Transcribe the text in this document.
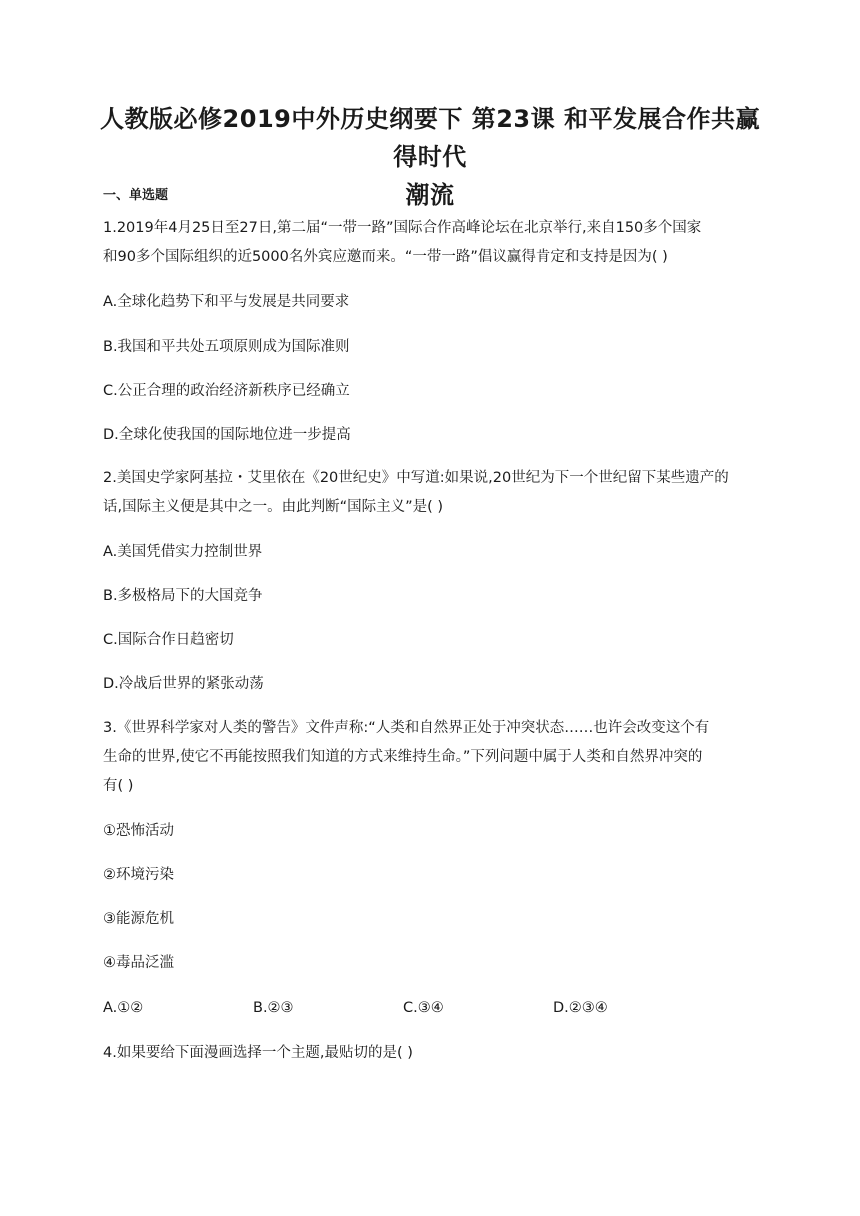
人教版必修2019中外历史纲要下 第23课 和平发展合作共赢得时代
潮流
一、单选题
1.2019年4月25日至27日,第二届“一带一路”国际合作高峰论坛在北京举行,来自150多个国家
和90多个国际组织的近5000名外宾应邀而来。“一带一路”倡议赢得肯定和支持是因为( )
A.全球化趋势下和平与发展是共同要求
B.我国和平共处五项原则成为国际准则
C.公正合理的政治经济新秩序已经确立
D.全球化使我国的国际地位进一步提高
2.美国史学家阿基拉・艾里依在《20世纪史》中写道:如果说,20世纪为下一个世纪留下某些遗产的
话,国际主义便是其中之一。由此判断“国际主义”是( )
A.美国凭借实力控制世界
B.多极格局下的大国竞争
C.国际合作日趋密切
D.冷战后世界的紧张动荡
3.《世界科学家对人类的警告》文件声称:“人类和自然界正处于冲突状态……也许会改变这个有
生命的世界,使它不再能按照我们知道的方式来维持生命。”下列问题中属于人类和自然界冲突的
有( )
①恐怖活动
②环境污染
③能源危机
④毒品泛滥
A.①②	B.②③	C.③④	D.②③④
4.如果要给下面漫画选择一个主题,最贴切的是( )
